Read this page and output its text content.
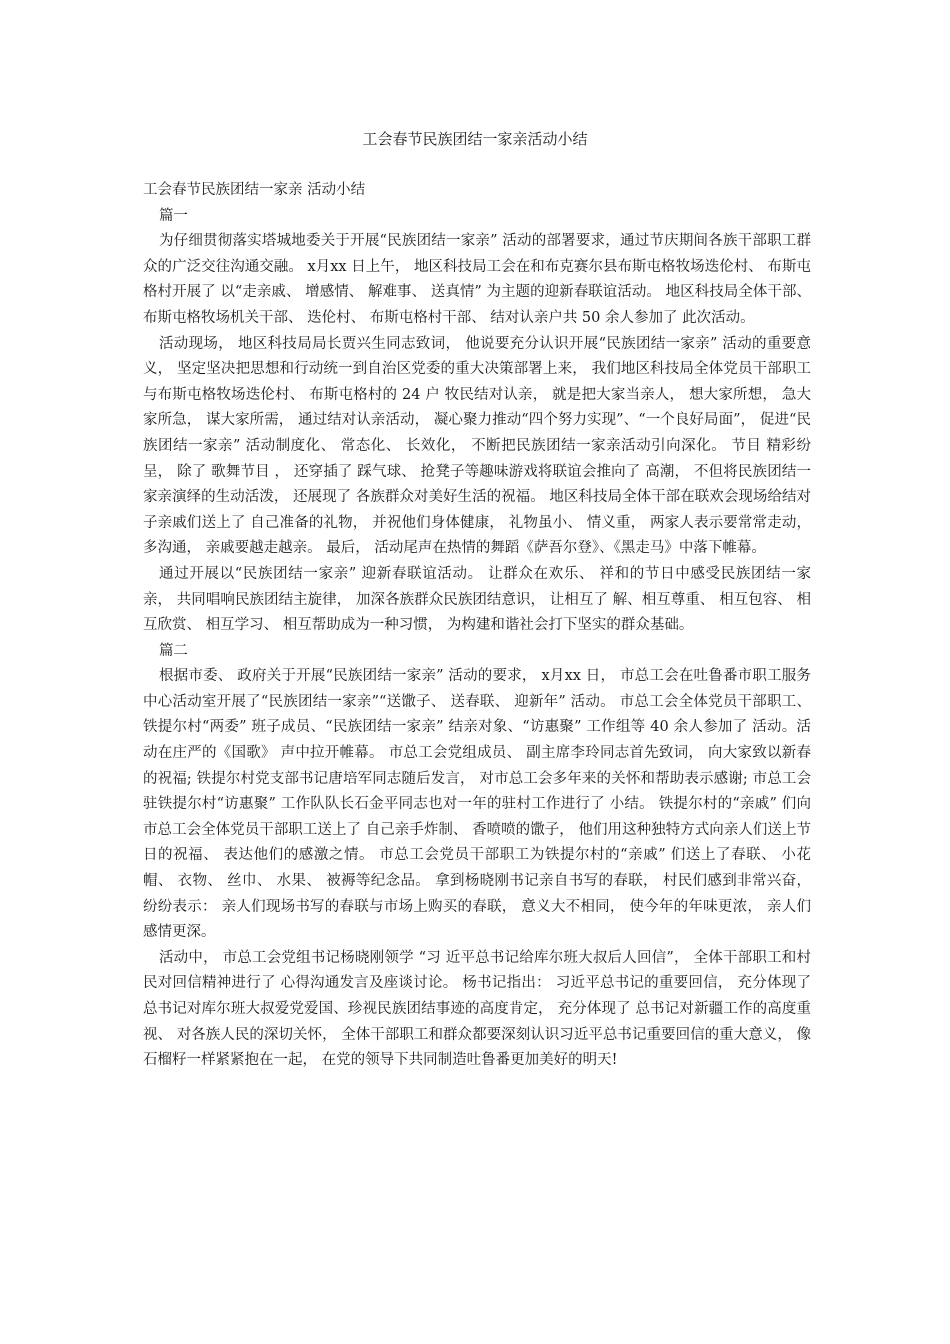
工会春节民族团结一家亲活动小结

工会春节民族团结一家亲 活动小结

篇一

为仔细贯彻落实塔城地委关于开展“民族团结一家亲” 活动的部署要求，通过节庆期间各族干部职工群众的广泛交往沟通交融。 x月xx 日上午， 地区科技局工会在和布克赛尔县布斯屯格牧场迭伦村、 布斯屯格村开展了 以“走亲戚、 增感情、 解难事、 送真情” 为主题的迎新春联谊活动。 地区科技局全体干部、 布斯屯格牧场机关干部、 迭伦村、 布斯屯格村干部、 结对认亲户共 50 余人参加了 此次活动。

活动现场， 地区科技局局长贾兴生同志致词， 他说要充分认识开展“民族团结一家亲” 活动的重要意义， 坚定坚决把思想和行动统一到自治区党委的重大决策部署上来， 我们地区科技局全体党员干部职工与布斯屯格牧场迭伦村、 布斯屯格村的 24 户 牧民结对认亲， 就是把大家当亲人， 想大家所想， 急大家所急， 谋大家所需， 通过结对认亲活动， 凝心聚力推动“四个努力实现”、“一个良好局面”， 促进“民族团结一家亲” 活动制度化、 常态化、 长效化， 不断把民族团结一家亲活动引向深化。 节目 精彩纷呈， 除了 歌舞节目 ， 还穿插了 踩气球、 抢凳子等趣味游戏将联谊会推向了 高潮， 不但将民族团结一家亲演绎的生动活泼， 还展现了 各族群众对美好生活的祝福。 地区科技局全体干部在联欢会现场给结对子亲戚们送上了 自己准备的礼物， 并祝他们身体健康， 礼物虽小、 情义重， 两家人表示要常常走动， 多沟通， 亲戚要越走越亲。 最后， 活动尾声在热情的舞蹈《萨吾尔登》、《黑走马》中落下帷幕。

通过开展以“民族团结一家亲” 迎新春联谊活动。 让群众在欢乐、 祥和的节日中感受民族团结一家亲， 共同唱响民族团结主旋律， 加深各族群众民族团结意识， 让相互了 解、相互尊重、 相互包容、 相互欣赏、 相互学习、 相互帮助成为一种习惯， 为构建和谐社会打下坚实的群众基础。

篇二

根据市委、 政府关于开展“民族团结一家亲” 活动的要求， x月xx 日， 市总工会在吐鲁番市职工服务中心活动室开展了“民族团结一家亲”“送馓子、 送春联、 迎新年” 活动。 市总工会全体党员干部职工、 铁提尔村“两委” 班子成员、“民族团结一家亲” 结亲对象、“访惠聚” 工作组等 40 余人参加了 活动。活动在庄严的《国歌》 声中拉开帷幕。 市总工会党组成员、 副主席李玲同志首先致词， 向大家致以新春的祝福; 铁提尔村党支部书记唐培军同志随后发言， 对市总工会多年来的关怀和帮助表示感谢; 市总工会驻铁提尔村“访惠聚” 工作队队长石金平同志也对一年的驻村工作进行了 小结。 铁提尔村的“亲戚” 们向市总工会全体党员干部职工送上了 自己亲手炸制、 香喷喷的馓子， 他们用这种独特方式向亲人们送上节日的祝福、 表达他们的感激之情。 市总工会党员干部职工为铁提尔村的“亲戚” 们送上了春联、 小花帽、 衣物、 丝巾、 水果、 被褥等纪念品。 拿到杨晓刚书记亲自书写的春联， 村民们感到非常兴奋， 纷纷表示： 亲人们现场书写的春联与市场上购买的春联， 意义大不相同， 使今年的年味更浓， 亲人们感情更深。

活动中， 市总工会党组书记杨晓刚领学 “习 近平总书记给库尔班大叔后人回信”， 全体干部职工和村民对回信精神进行了 心得沟通发言及座谈讨论。 杨书记指出： 习近平总书记的重要回信， 充分体现了 总书记对库尔班大叔爱党爱国、珍视民族团结事迹的高度肯定， 充分体现了 总书记对新疆工作的高度重视、 对各族人民的深切关怀， 全体干部职工和群众都要深刻认识习近平总书记重要回信的重大意义， 像石榴籽一样紧紧抱在一起， 在党的领导下共同制造吐鲁番更加美好的明天!
